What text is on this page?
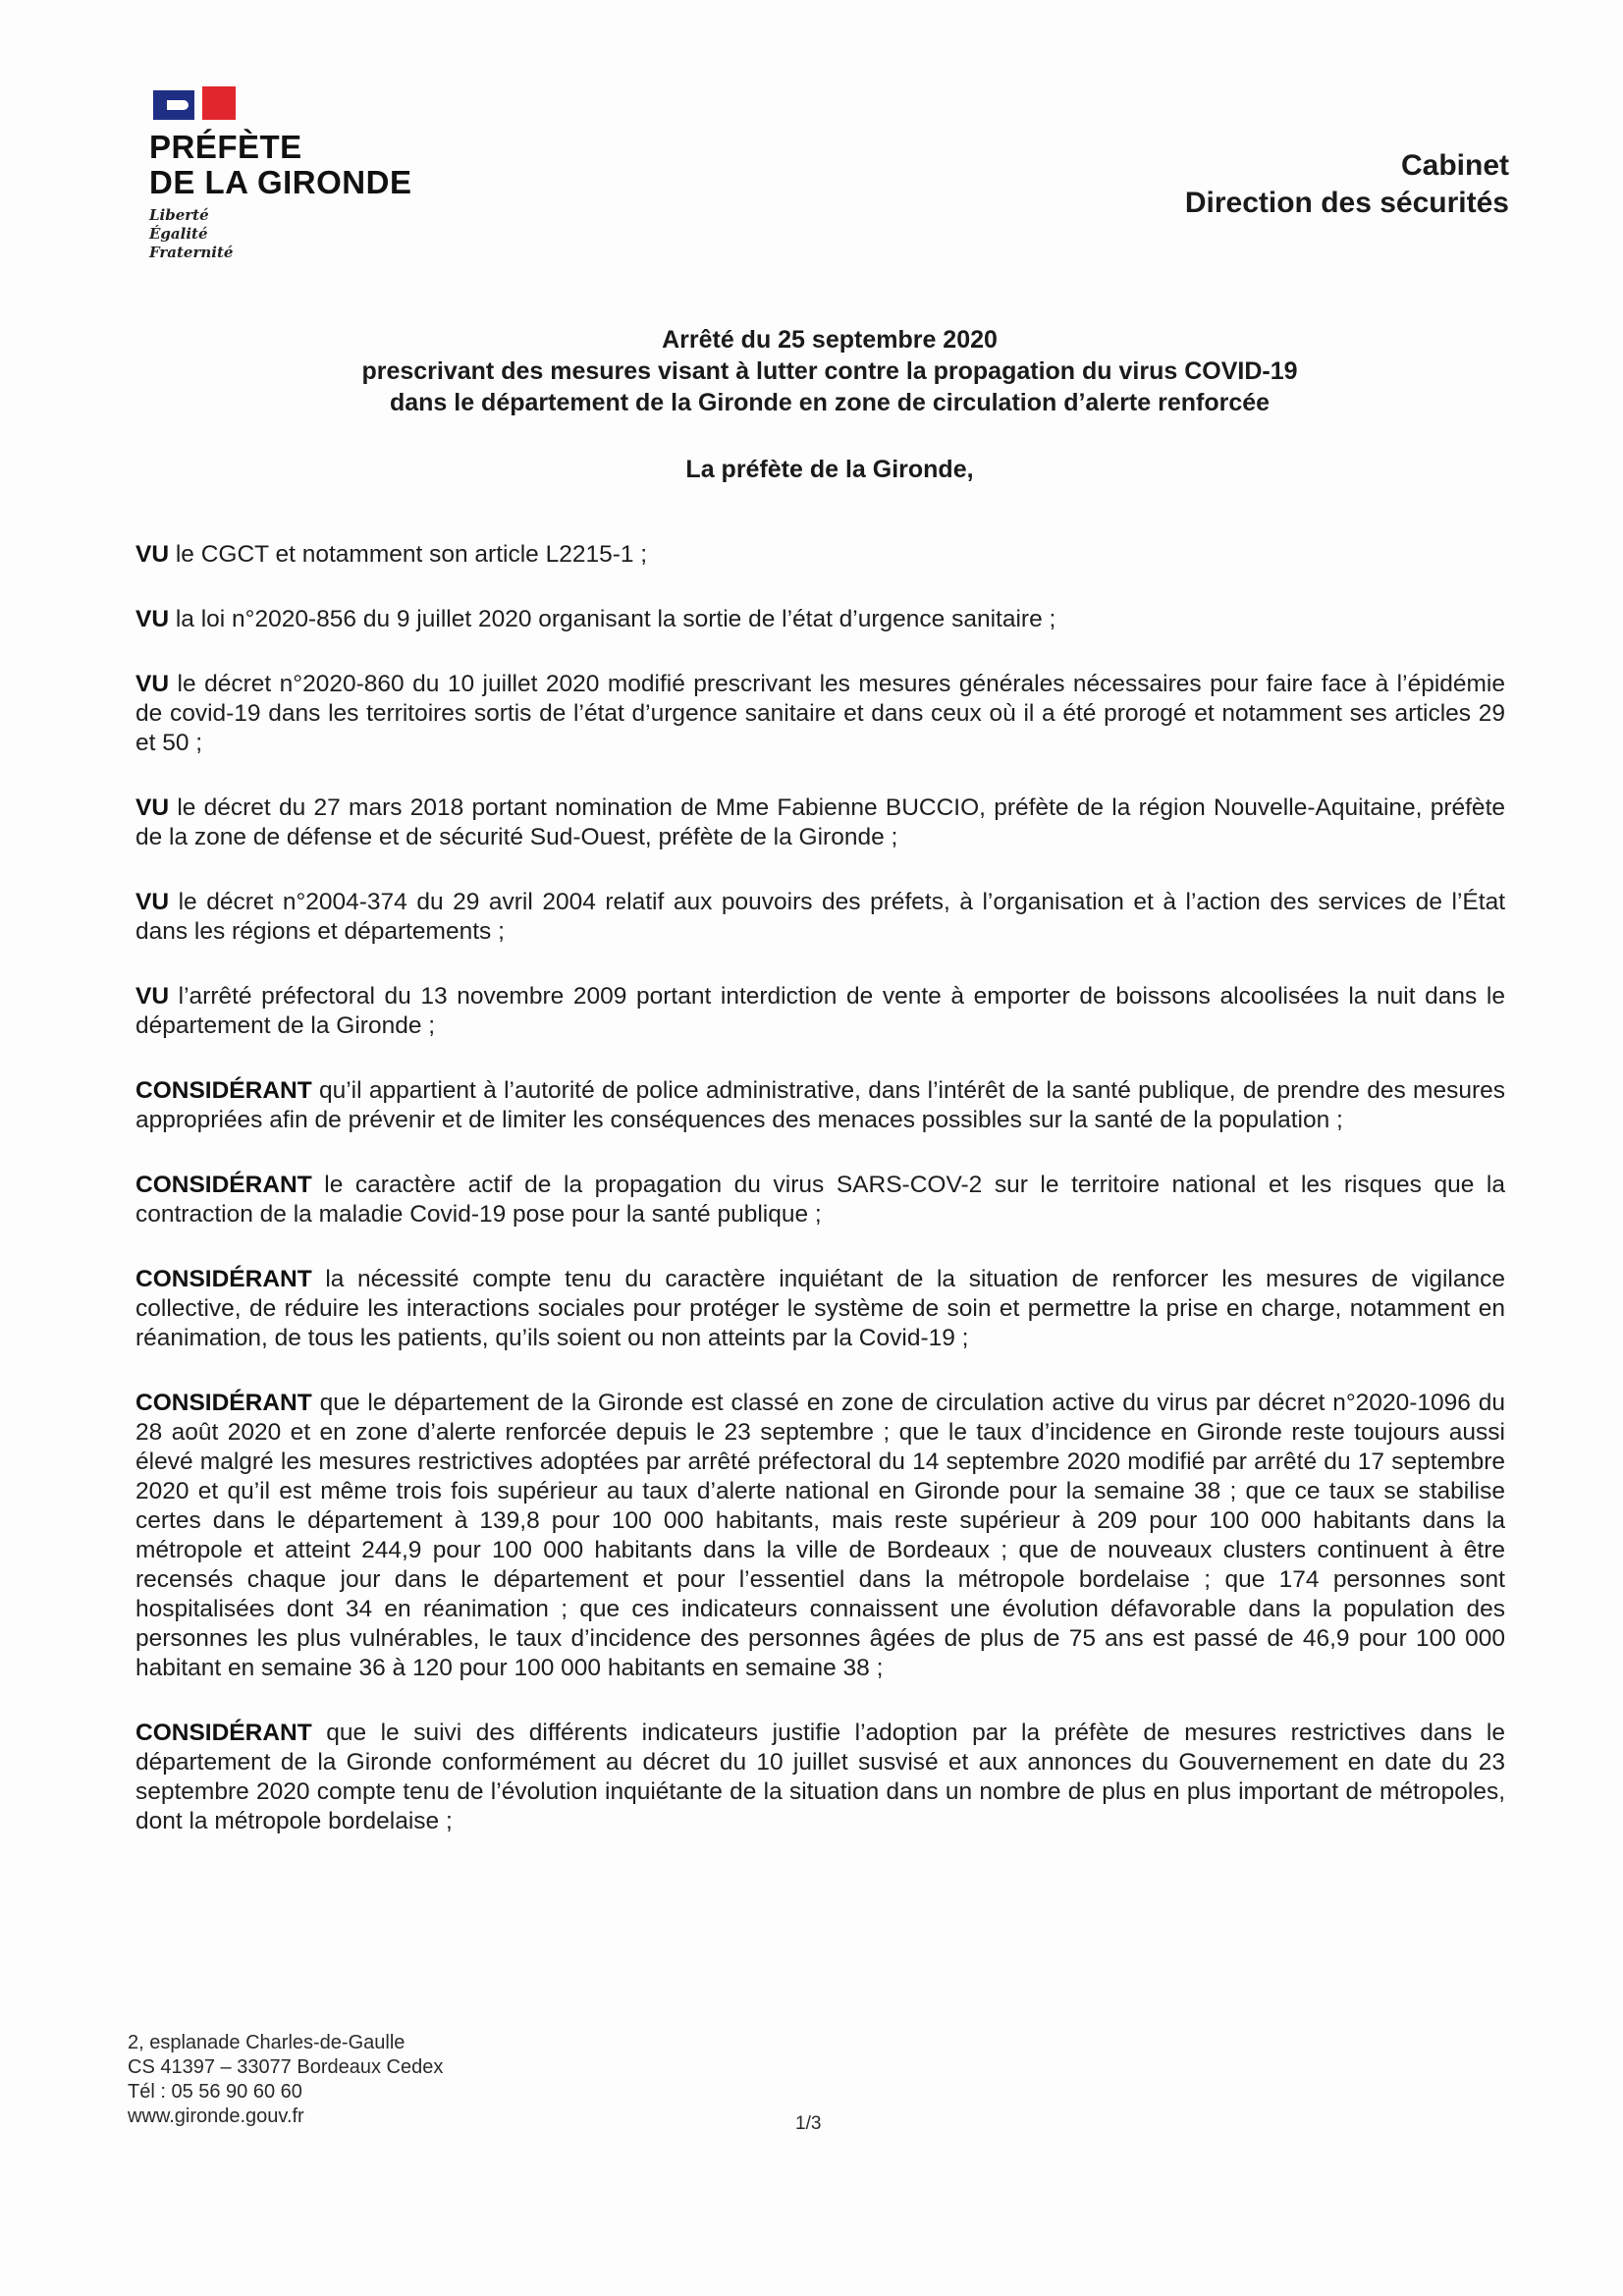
PRÉFÈTE
DE LA GIRONDE
Liberté
Égalité
Fraternité
Cabinet
Direction des sécurités
Arrêté du 25 septembre 2020
prescrivant des mesures visant à lutter contre la propagation du virus COVID-19
dans le département de la Gironde en zone de circulation d’alerte renforcée
La préfète de la Gironde,

VU le CGCT et notamment son article L2215-1 ;

VU la loi n°2020-856 du 9 juillet 2020 organisant la sortie de l’état d’urgence sanitaire ;

VU le décret n°2020-860 du 10 juillet 2020 modifié prescrivant les mesures générales nécessaires pour faire face à l’épidémie de covid-19 dans les territoires sortis de l’état d’urgence sanitaire et dans ceux où il a été prorogé et notamment ses articles 29 et 50 ;

VU le décret du 27 mars 2018 portant nomination de Mme Fabienne BUCCIO, préfète de la région Nouvelle-Aquitaine, préfète de la zone de défense et de sécurité Sud-Ouest, préfète de la Gironde ;

VU le décret n°2004-374 du 29 avril 2004 relatif aux pouvoirs des préfets, à l’organisation et à l’action des services de l’État dans les régions et départements ;

VU l’arrêté préfectoral du 13 novembre 2009 portant interdiction de vente à emporter de boissons alcoolisées la nuit dans le département de la Gironde ;

CONSIDÉRANT qu’il appartient à l’autorité de police administrative, dans l’intérêt de la santé publique, de prendre des mesures appropriées afin de prévenir et de limiter les conséquences des menaces possibles sur la santé de la population ;

CONSIDÉRANT le caractère actif de la propagation du virus SARS-COV-2 sur le territoire national et les risques que la contraction de la maladie Covid-19 pose pour la santé publique ;

CONSIDÉRANT la nécessité compte tenu du caractère inquiétant de la situation de renforcer les mesures de vigilance collective, de réduire les interactions sociales pour protéger le système de soin et permettre la prise en charge, notamment en réanimation, de tous les patients, qu’ils soient ou non atteints par la Covid-19 ;

CONSIDÉRANT que le département de la Gironde est classé en zone de circulation active du virus par décret n°2020-1096 du 28 août 2020 et en zone d’alerte renforcée depuis le 23 septembre ; que le taux d’incidence en Gironde reste toujours aussi élevé malgré les mesures restrictives adoptées par arrêté préfectoral du 14 septembre 2020 modifié par arrêté du 17 septembre 2020 et qu’il est même trois fois supérieur au taux d’alerte national en Gironde pour la semaine 38 ; que ce taux se stabilise certes dans le département à 139,8 pour 100 000 habitants, mais reste supérieur à 209 pour 100 000 habitants dans la métropole et atteint 244,9 pour 100 000 habitants dans la ville de Bordeaux ; que de nouveaux clusters continuent à être recensés chaque jour dans le département et pour l’essentiel dans la métropole bordelaise ; que 174 personnes sont hospitalisées dont 34 en réanimation ; que ces indicateurs connaissent une évolution défavorable dans la population des personnes les plus vulnérables, le taux d’incidence des personnes âgées de plus de 75 ans est passé de 46,9 pour 100 000 habitant en semaine 36 à 120 pour 100 000 habitants en semaine 38 ;

CONSIDÉRANT que le suivi des différents indicateurs justifie l’adoption par la préfète de mesures restrictives dans le département de la Gironde conformément au décret du 10 juillet susvisé et aux annonces du Gouvernement en date du 23 septembre 2020 compte tenu de l’évolution inquiétante de la situation dans un nombre de plus en plus important de métropoles, dont la métropole bordelaise ;

2, esplanade Charles-de-Gaulle
CS 41397 – 33077 Bordeaux Cedex
Tél : 05 56 90 60 60
www.gironde.gouv.fr	1/3
